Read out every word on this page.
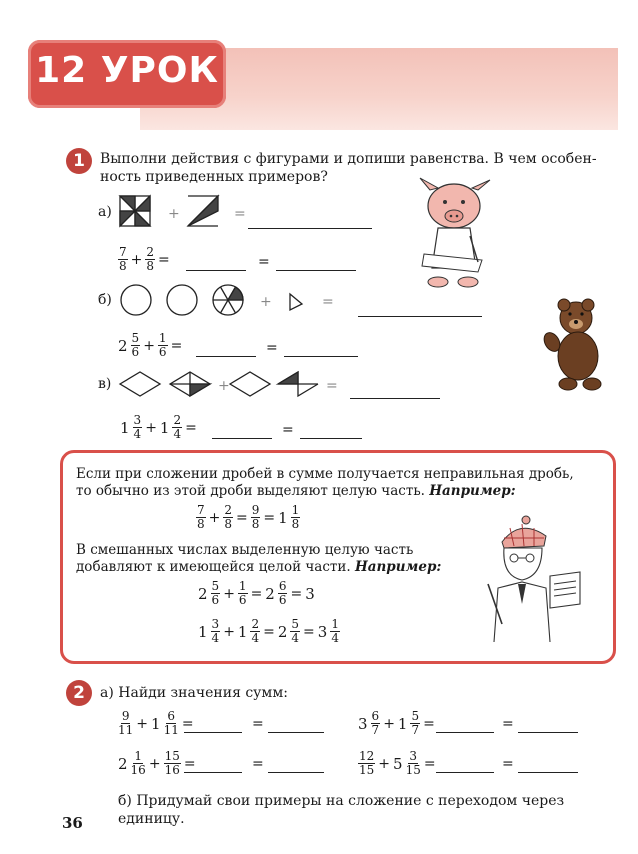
12 УРОК
1	Выполни действия с фигурами и допиши равенства. В чем особен-
ность приведенных примеров?
а)	+	=
$\frac{7}{8} + \frac{2}{8}$ =	=
б)	+	=
$2 \frac{5}{6} + \frac{1}{6}$ =	=
в)	+	=
$1 \frac{3}{4} + 1 \frac{2}{4}$ =	=
Если при сложении дробей в сумме получается неправильная дробь,
то обычно из этой дроби выделяют целую часть. Например:
$\frac{7}{8} + \frac{2}{8} = \frac{9}{8} = 1 \frac{1}{8}$
В смешанных числах выделенную целую часть
добавляют к имеющейся целой части. Например:
$2 \frac{5}{6} + \frac{1}{6} = 2 \frac{6}{6} = 3$
$1 \frac{3}{4} + 1 \frac{2}{4} = 2 \frac{5}{4} = 3 \frac{1}{4}$
2	а) Найди значения сумм:
$\frac{9}{11} + 1 \frac{6}{11}$ =	=	$3 \frac{6}{7} + 1 \frac{5}{7}$ =	=
$2 \frac{1}{16} + \frac{15}{16}$ =	=	$\frac{12}{15} + 5 \frac{3}{15}$ =	=
б) Придумай свои примеры на сложение с переходом через единицу.
36
